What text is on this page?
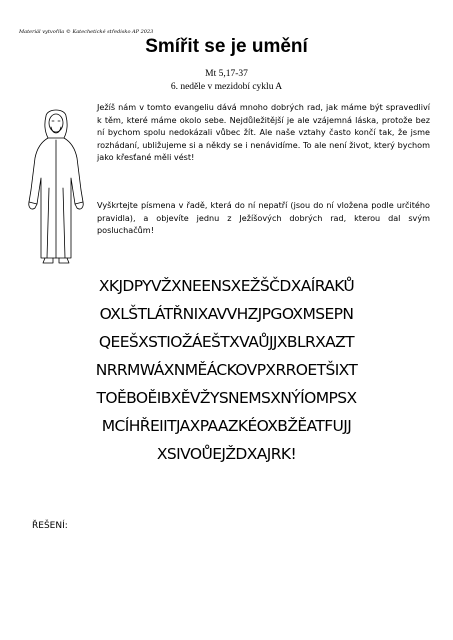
Materiál vytvořila © Katechetické středisko AP 2023
Smířit se je umění
Mt 5,17-37
6. neděle v mezidobí cyklu A
Ježíš nám v tomto evangeliu dává mnoho dobrých rad, jak máme být spravedliví k těm, které máme okolo sebe. Nejdůležitější je ale vzájemná láska, protože bez ní bychom spolu nedokázali vůbec žít. Ale naše vztahy často končí tak, že jsme rozhádaní, ubližujeme si a někdy se i nenávidíme. To ale není život, který bychom jako křesťané měli vést!
Vyškrtejte písmena v řadě, která do ní nepatří (jsou do ní vložena podle určitého pravidla), a objevíte jednu z Ježíšových dobrých rad, kterou dal svým posluchačům!
XKJDPYVŽXNEENSXEŽŠČDXAÍRAKŮ
OXLŠTLÁTŘNIXAVVHZJPGOXMSEPN
QEEŠXSTIOŽÁEŠTXVAŮJJXBLRXAZT
NRRMWÁXNMĚÁCKOVPXRROETŠIXT
TOĚBOĚIBXĚVŽYSNEMSXNÝÍOMPSX
MCÍHŘEIITJAXPAAZKÉOXBŽĚATFUJJ
XSIVOŮEJŽDXAJRK!
ŘEŠENÍ:
